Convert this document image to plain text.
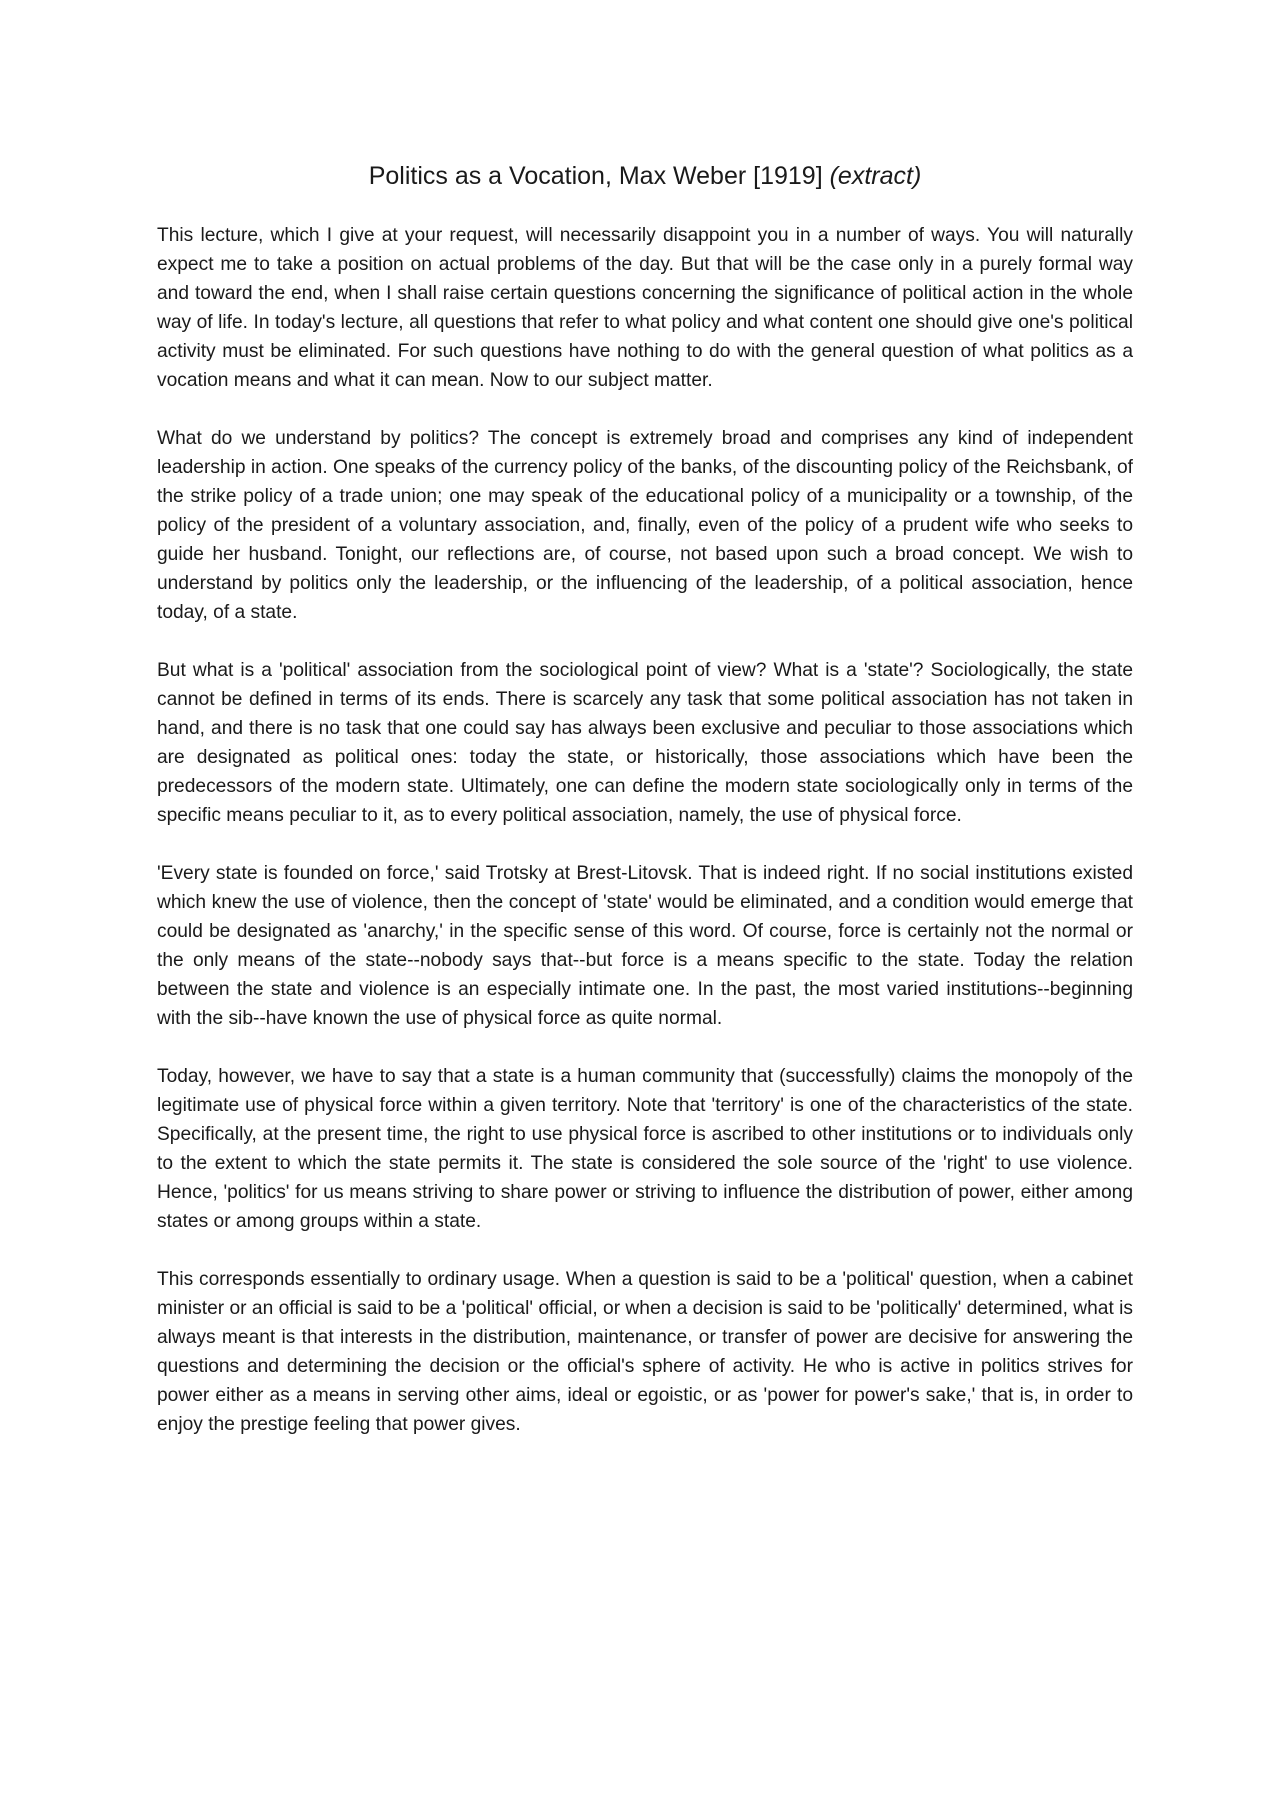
Politics as a Vocation, Max Weber [1919] (extract)

This lecture, which I give at your request, will necessarily disappoint you in a number of ways. You will naturally expect me to take a position on actual problems of the day. But that will be the case only in a purely formal way and toward the end, when I shall raise certain questions concerning the significance of political action in the whole way of life. In today's lecture, all questions that refer to what policy and what content one should give one's political activity must be eliminated. For such questions have nothing to do with the general question of what politics as a vocation means and what it can mean. Now to our subject matter.

What do we understand by politics? The concept is extremely broad and comprises any kind of independent leadership in action. One speaks of the currency policy of the banks, of the discounting policy of the Reichsbank, of the strike policy of a trade union; one may speak of the educational policy of a municipality or a township, of the policy of the president of a voluntary association, and, finally, even of the policy of a prudent wife who seeks to guide her husband. Tonight, our reflections are, of course, not based upon such a broad concept. We wish to understand by politics only the leadership, or the influencing of the leadership, of a political association, hence today, of a state.

But what is a 'political' association from the sociological point of view? What is a 'state'? Sociologically, the state cannot be defined in terms of its ends. There is scarcely any task that some political association has not taken in hand, and there is no task that one could say has always been exclusive and peculiar to those associations which are designated as political ones: today the state, or historically, those associations which have been the predecessors of the modern state. Ultimately, one can define the modern state sociologically only in terms of the specific means peculiar to it, as to every political association, namely, the use of physical force.

'Every state is founded on force,' said Trotsky at Brest-Litovsk. That is indeed right. If no social institutions existed which knew the use of violence, then the concept of 'state' would be eliminated, and a condition would emerge that could be designated as 'anarchy,' in the specific sense of this word. Of course, force is certainly not the normal or the only means of the state--nobody says that--but force is a means specific to the state. Today the relation between the state and violence is an especially intimate one. In the past, the most varied institutions--beginning with the sib--have known the use of physical force as quite normal.

Today, however, we have to say that a state is a human community that (successfully) claims the monopoly of the legitimate use of physical force within a given territory. Note that 'territory' is one of the characteristics of the state. Specifically, at the present time, the right to use physical force is ascribed to other institutions or to individuals only to the extent to which the state permits it. The state is considered the sole source of the 'right' to use violence. Hence, 'politics' for us means striving to share power or striving to influence the distribution of power, either among states or among groups within a state.

This corresponds essentially to ordinary usage. When a question is said to be a 'political' question, when a cabinet minister or an official is said to be a 'political' official, or when a decision is said to be 'politically' determined, what is always meant is that interests in the distribution, maintenance, or transfer of power are decisive for answering the questions and determining the decision or the official's sphere of activity. He who is active in politics strives for power either as a means in serving other aims, ideal or egoistic, or as 'power for power's sake,' that is, in order to enjoy the prestige feeling that power gives.
